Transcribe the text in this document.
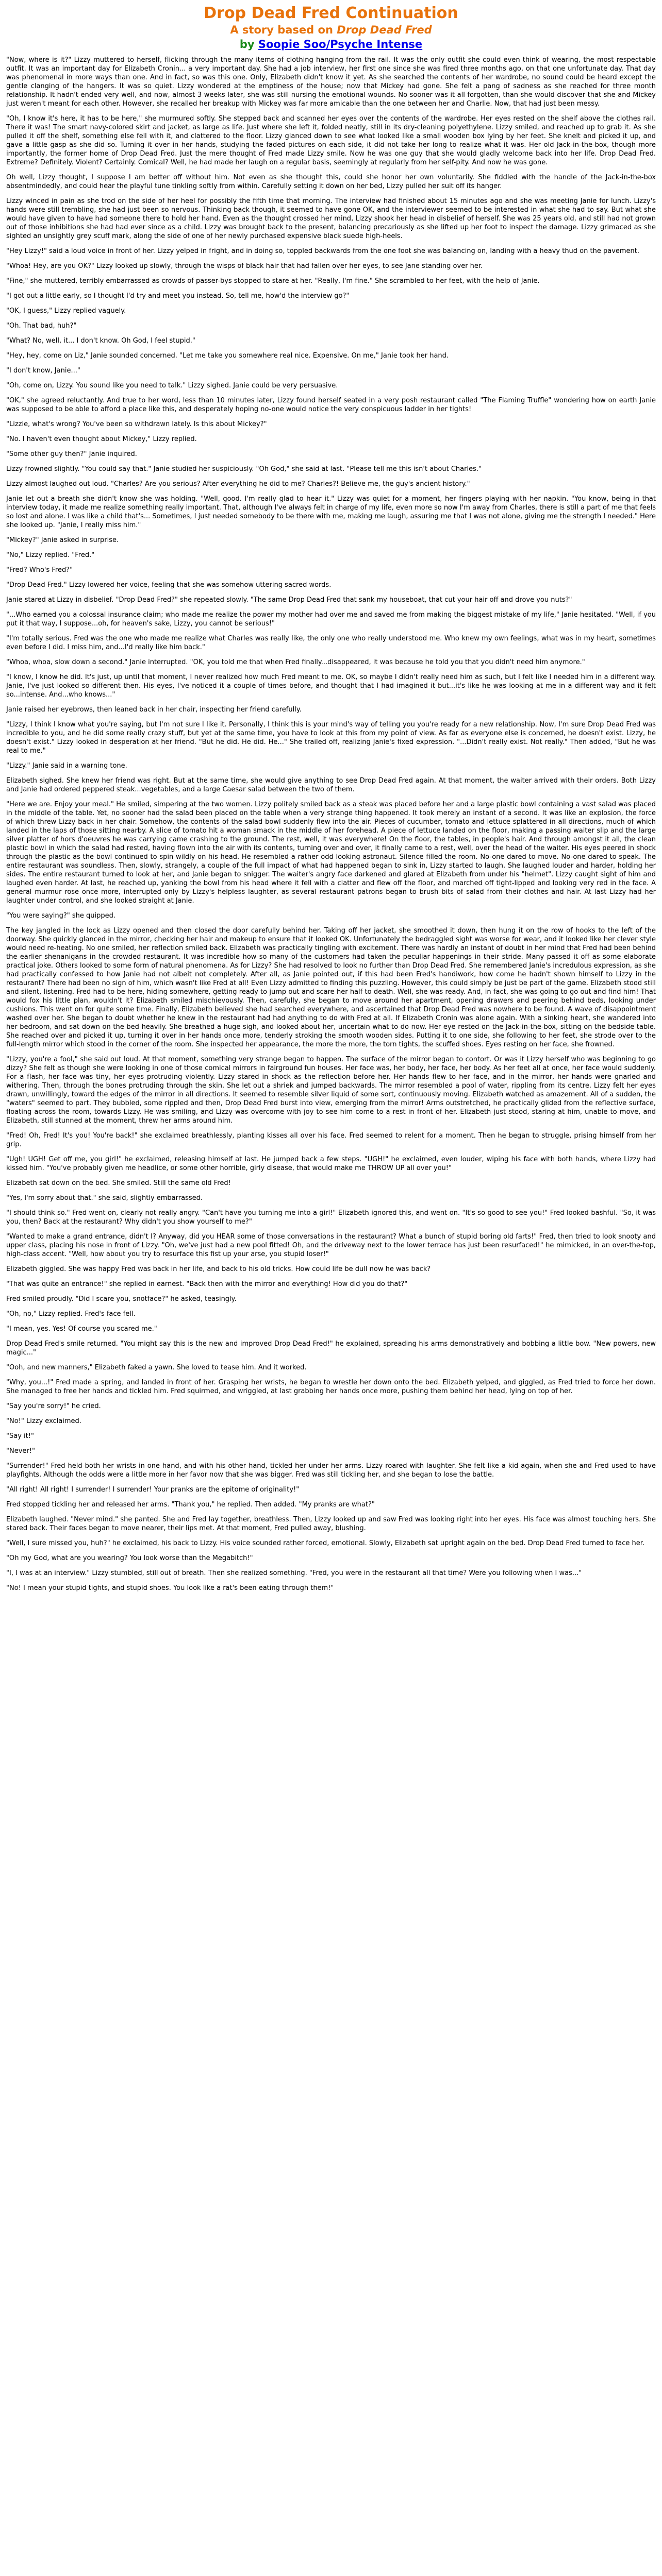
Drop Dead Fred Continuation
A story based on Drop Dead Fred
by Soopie Soo/Psyche Intense

"Now, where is it?" Lizzy muttered to herself, flicking through the many items of clothing hanging from the rail. It was the only outfit she could even think of wearing, the most respectable outfit. It was an important day for Elizabeth Cronin... a very important day. She had a job interview, her first one since she was fired three months ago, on that one unfortunate day. That day was phenomenal in more ways than one. And in fact, so was this one. Only, Elizabeth didn't know it yet. As she searched the contents of her wardrobe, no sound could be heard except the gentle clanging of the hangers. It was so quiet. Lizzy wondered at the emptiness of the house; now that Mickey had gone. She felt a pang of sadness as she reached for three month relationship. It hadn't ended very well, and now, almost 3 weeks later, she was still nursing the emotional wounds. No sooner was it all forgotten, than she would discover that she and Mickey just weren't meant for each other. However, she recalled her breakup with Mickey was far more amicable than the one between her and Charlie. Now, that had just been messy.

"Oh, I know it's here, it has to be here," she murmured softly. She stepped back and scanned her eyes over the contents of the wardrobe. Her eyes rested on the shelf above the clothes rail. There it was! The smart navy-colored skirt and jacket, as large as life. Just where she left it, folded neatly, still in its dry-cleaning polyethylene. Lizzy smiled, and reached up to grab it. As she pulled it off the shelf, something else fell with it, and clattered to the floor. Lizzy glanced down to see what looked like a small wooden box lying by her feet. She knelt and picked it up, and gave a little gasp as she did so. Turning it over in her hands, studying the faded pictures on each side, it did not take her long to realize what it was. Her old Jack-in-the-box, though more importantly, the former home of Drop Dead Fred. Just the mere thought of Fred made Lizzy smile. Now he was one guy that she would gladly welcome back into her life. Drop Dead Fred. Extreme? Definitely. Violent? Certainly. Comical? Well, he had made her laugh on a regular basis, seemingly at regularly from her self-pity. And now he was gone.

Oh well, Lizzy thought, I suppose I am better off without him. Not even as she thought this, could she honor her own voluntarily. She fiddled with the handle of the Jack-in-the-box absentmindedly, and could hear the playful tune tinkling softly from within. Carefully setting it down on her bed, Lizzy pulled her suit off its hanger.

Lizzy winced in pain as she trod on the side of her heel for possibly the fifth time that morning. The interview had finished about 15 minutes ago and she was meeting Janie for lunch. Lizzy's hands were still trembling, she had just been so nervous. Thinking back though, it seemed to have gone OK, and the interviewer seemed to be interested in what she had to say. But what she would have given to have had someone there to hold her hand. Even as the thought crossed her mind, Lizzy shook her head in disbelief of herself. She was 25 years old, and still had not grown out of those inhibitions she had had ever since as a child. Lizzy was brought back to the present, balancing precariously as she lifted up her foot to inspect the damage. Lizzy grimaced as she sighted an unsightly grey scuff mark, along the side of one of her newly purchased expensive black suede high-heels.

"Hey Lizzy!" said a loud voice in front of her. Lizzy yelped in fright, and in doing so, toppled backwards from the one foot she was balancing on, landing with a heavy thud on the pavement.

"Whoa! Hey, are you OK?" Lizzy looked up slowly, through the wisps of black hair that had fallen over her eyes, to see Jane standing over her.

"Fine," she muttered, terribly embarrassed as crowds of passer-bys stopped to stare at her. "Really, I'm fine." She scrambled to her feet, with the help of Janie.

"I got out a little early, so I thought I'd try and meet you instead. So, tell me, how'd the interview go?"

"OK, I guess," Lizzy replied vaguely.

"Oh. That bad, huh?"

"What? No, well, it... I don't know. Oh God, I feel stupid."

"Hey, hey, come on Liz," Janie sounded concerned. "Let me take you somewhere real nice. Expensive. On me," Janie took her hand.

"I don't know, Janie..."

"Oh, come on, Lizzy. You sound like you need to talk." Lizzy sighed. Janie could be very persuasive.

"OK," she agreed reluctantly. And true to her word, less than 10 minutes later, Lizzy found herself seated in a very posh restaurant called "The Flaming Truffle" wondering how on earth Janie was supposed to be able to afford a place like this, and desperately hoping no-one would notice the very conspicuous ladder in her tights!

"Lizzie, what's wrong? You've been so withdrawn lately. Is this about Mickey?"

"No. I haven't even thought about Mickey," Lizzy replied.

"Some other guy then?" Janie inquired.

Lizzy frowned slightly. "You could say that." Janie studied her suspiciously. "Oh God," she said at last. "Please tell me this isn't about Charles."

Lizzy almost laughed out loud. "Charles? Are you serious? After everything he did to me? Charles?! Believe me, the guy's ancient history."

Janie let out a breath she didn't know she was holding. "Well, good. I'm really glad to hear it." Lizzy was quiet for a moment, her fingers playing with her napkin. "You know, being in that interview today, it made me realize something really important. That, although I've always felt in charge of my life, even more so now I'm away from Charles, there is still a part of me that feels so lost and alone. I was like a child that's... Sometimes, I just needed somebody to be there with me, making me laugh, assuring me that I was not alone, giving me the strength I needed." Here she looked up. "Janie, I really miss him."

"Mickey?" Janie asked in surprise.

"No," Lizzy replied. "Fred."

"Fred? Who's Fred?"

"Drop Dead Fred." Lizzy lowered her voice, feeling that she was somehow uttering sacred words.

Janie stared at Lizzy in disbelief. "Drop Dead Fred?" she repeated slowly. "The same Drop Dead Fred that sank my houseboat, that cut your hair off and drove you nuts?"

"...Who earned you a colossal insurance claim; who made me realize the power my mother had over me and saved me from making the biggest mistake of my life," Janie hesitated. "Well, if you put it that way, I suppose...oh, for heaven's sake, Lizzy, you cannot be serious!"

"I'm totally serious. Fred was the one who made me realize what Charles was really like, the only one who really understood me. Who knew my own feelings, what was in my heart, sometimes even before I did. I miss him, and...I'd really like him back."

"Whoa, whoa, slow down a second." Janie interrupted. "OK, you told me that when Fred finally...disappeared, it was because he told you that you didn't need him anymore."

"I know, I know he did. It's just, up until that moment, I never realized how much Fred meant to me. OK, so maybe I didn't really need him as such, but I felt like I needed him in a different way. Janie, I've just looked so different then. His eyes, I've noticed it a couple of times before, and thought that I had imagined it but...it's like he was looking at me in a different way and it felt so...intense. And...who knows..."

Janie raised her eyebrows, then leaned back in her chair, inspecting her friend carefully.

"Lizzy, I think I know what you're saying, but I'm not sure I like it. Personally, I think this is your mind's way of telling you you're ready for a new relationship. Now, I'm sure Drop Dead Fred was incredible to you, and he did some really crazy stuff, but yet at the same time, you have to look at this from my point of view. As far as everyone else is concerned, he doesn't exist. Lizzy, he doesn't exist." Lizzy looked in desperation at her friend. "But he did. He did. He..." She trailed off, realizing Janie's fixed expression. "...Didn't really exist. Not really." Then added, "But he was real to me."

"Lizzy." Janie said in a warning tone.

Elizabeth sighed. She knew her friend was right. But at the same time, she would give anything to see Drop Dead Fred again. At that moment, the waiter arrived with their orders. Both Lizzy and Janie had ordered peppered steak...vegetables, and a large Caesar salad between the two of them.

"Here we are. Enjoy your meal." He smiled, simpering at the two women. Lizzy politely smiled back as a steak was placed before her and a large plastic bowl containing a vast salad was placed in the middle of the table. Yet, no sooner had the salad been placed on the table when a very strange thing happened. It took merely an instant of a second. It was like an explosion, the force of which threw Lizzy back in her chair. Somehow, the contents of the salad bowl suddenly flew into the air. Pieces of cucumber, tomato and lettuce splattered in all directions, much of which landed in the laps of those sitting nearby. A slice of tomato hit a woman smack in the middle of her forehead. A piece of lettuce landed on the floor, making a passing waiter slip and the large silver platter of hors d'oeuvres he was carrying came crashing to the ground. The rest, well, it was everywhere! On the floor, the tables, in people's hair. And through amongst it all, the clean plastic bowl in which the salad had rested, having flown into the air with its contents, turning over and over, it finally came to a rest, well, over the head of the waiter. His eyes peered in shock through the plastic as the bowl continued to spin wildly on his head. He resembled a rather odd looking astronaut. Silence filled the room. No-one dared to move. No-one dared to speak. The entire restaurant was soundless. Then, slowly, strangely, a couple of the full impact of what had happened began to sink in, Lizzy started to laugh. She laughed louder and harder, holding her sides. The entire restaurant turned to look at her, and Janie began to snigger. The waiter's angry face darkened and glared at Elizabeth from under his "helmet". Lizzy caught sight of him and laughed even harder. At last, he reached up, yanking the bowl from his head where it fell with a clatter and flew off the floor, and marched off tight-lipped and looking very red in the face. A general murmur rose once more, interrupted only by Lizzy's helpless laughter, as several restaurant patrons began to brush bits of salad from their clothes and hair. At last Lizzy had her laughter under control, and she looked straight at Janie.

"You were saying?" she quipped.

The key jangled in the lock as Lizzy opened and then closed the door carefully behind her. Taking off her jacket, she smoothed it down, then hung it on the row of hooks to the left of the doorway. She quickly glanced in the mirror, checking her hair and makeup to ensure that it looked OK. Unfortunately the bedraggled sight was worse for wear, and it looked like her clever style would need re-heating. No one smiled, her reflection smiled back. Elizabeth was practically tingling with excitement. There was hardly an instant of doubt in her mind that Fred had been behind the earlier shenanigans in the crowded restaurant. It was incredible how so many of the customers had taken the peculiar happenings in their stride. Many passed it off as some elaborate practical joke. Others looked to some form of natural phenomena. As for Lizzy? She had resolved to look no further than Drop Dead Fred. She remembered Janie's incredulous expression, as she had practically confessed to how Janie had not albeit not completely. After all, as Janie pointed out, if this had been Fred's handiwork, how come he hadn't shown himself to Lizzy in the restaurant? There had been no sign of him, which wasn't like Fred at all! Even Lizzy admitted to finding this puzzling. However, this could simply be just be part of the game. Elizabeth stood still and silent, listening. Fred had to be here, hiding somewhere, getting ready to jump out and scare her half to death. Well, she was ready. And, in fact, she was going to go out and find him! That would fox his little plan, wouldn't it? Elizabeth smiled mischievously. Then, carefully, she began to move around her apartment, opening drawers and peering behind beds, looking under cushions. This went on for quite some time. Finally, Elizabeth believed she had searched everywhere, and ascertained that Drop Dead Fred was nowhere to be found. A wave of disappointment washed over her. She began to doubt whether he knew in the restaurant had had anything to do with Fred at all. If Elizabeth Cronin was alone again. With a sinking heart, she wandered into her bedroom, and sat down on the bed heavily. She breathed a huge sigh, and looked about her, uncertain what to do now. Her eye rested on the Jack-in-the-box, sitting on the bedside table. She reached over and picked it up, turning it over in her hands once more, tenderly stroking the smooth wooden sides. Putting it to one side, she following to her feet, she strode over to the full-length mirror which stood in the corner of the room. She inspected her appearance, the more the more, the torn tights, the scuffed shoes. Eyes resting on her face, she frowned.

"Lizzy, you're a fool," she said out loud. At that moment, something very strange began to happen. The surface of the mirror began to contort. Or was it Lizzy herself who was beginning to go dizzy? She felt as though she were looking in one of those comical mirrors in fairground fun houses. Her face was, her body, her face, her body. As her feet all at once, her face would suddenly. For a flash, her face was tiny, her eyes protruding violently. Lizzy stared in shock as the reflection before her. Her hands flew to her face, and in the mirror, her hands were gnarled and withering. Then, through the bones protruding through the skin. She let out a shriek and jumped backwards. The mirror resembled a pool of water, rippling from its centre. Lizzy felt her eyes drawn, unwillingly, toward the edges of the mirror in all directions. It seemed to resemble silver liquid of some sort, continuously moving. Elizabeth watched as amazement. All of a sudden, the "waters" seemed to part. They bubbled, some rippled and then, Drop Dead Fred burst into view, emerging from the mirror! Arms outstretched, he practically glided from the reflective surface, floating across the room, towards Lizzy. He was smiling, and Lizzy was overcome with joy to see him come to a rest in front of her. Elizabeth just stood, staring at him, unable to move, and Elizabeth, still stunned at the moment, threw her arms around him.

"Fred! Oh, Fred! It's you! You're back!" she exclaimed breathlessly, planting kisses all over his face. Fred seemed to relent for a moment. Then he began to struggle, prising himself from her grip.

"Ugh! UGH! Get off me, you girl!" he exclaimed, releasing himself at last. He jumped back a few steps. "UGH!" he exclaimed, even louder, wiping his face with both hands, where Lizzy had kissed him. "You've probably given me headlice, or some other horrible, girly disease, that would make me THROW UP all over you!"

Elizabeth sat down on the bed. She smiled. Still the same old Fred!

"Yes, I'm sorry about that." she said, slightly embarrassed.

"I should think so." Fred went on, clearly not really angry. "Can't have you turning me into a girl!" Elizabeth ignored this, and went on. "It's so good to see you!" Fred looked bashful. "So, it was you, then? Back at the restaurant? Why didn't you show yourself to me?"

"Wanted to make a grand entrance, didn't I? Anyway, did you HEAR some of those conversations in the restaurant? What a bunch of stupid boring old farts!" Fred, then tried to look snooty and upper class, placing his nose in front of Lizzy. "Oh, we've just had a new pool fitted! Oh, and the driveway next to the lower terrace has just been resurfaced!" he mimicked, in an over-the-top, high-class accent. "Well, how about you try to resurface this fist up your arse, you stupid loser!"

Elizabeth giggled. She was happy Fred was back in her life, and back to his old tricks. How could life be dull now he was back?

"That was quite an entrance!" she replied in earnest. "Back then with the mirror and everything! How did you do that?"

Fred smiled proudly. "Did I scare you, snotface?" he asked, teasingly.

"Oh, no," Lizzy replied. Fred's face fell.

"I mean, yes. Yes! Of course you scared me."

Drop Dead Fred's smile returned. "You might say this is the new and improved Drop Dead Fred!" he explained, spreading his arms demonstratively and bobbing a little bow. "New powers, new magic..."

"Ooh, and new manners," Elizabeth faked a yawn. She loved to tease him. And it worked.

"Why, you...!" Fred made a spring, and landed in front of her. Grasping her wrists, he began to wrestle her down onto the bed. Elizabeth yelped, and giggled, as Fred tried to force her down. She managed to free her hands and tickled him. Fred squirmed, and wriggled, at last grabbing her hands once more, pushing them behind her head, lying on top of her.

"Say you're sorry!" he cried.

"No!" Lizzy exclaimed.

"Say it!"

"Never!"

"Surrender!" Fred held both her wrists in one hand, and with his other hand, tickled her under her arms. Lizzy roared with laughter. She felt like a kid again, when she and Fred used to have playfights. Although the odds were a little more in her favor now that she was bigger. Fred was still tickling her, and she began to lose the battle.

"All right! All right! I surrender! I surrender! Your pranks are the epitome of originality!"

Fred stopped tickling her and released her arms. "Thank you," he replied. Then added. "My pranks are what?"

Elizabeth laughed. "Never mind." she panted. She and Fred lay together, breathless. Then, Lizzy looked up and saw Fred was looking right into her eyes. His face was almost touching hers. She stared back. Their faces began to move nearer, their lips met. At that moment, Fred pulled away, blushing.

"Well, I sure missed you, huh?" he exclaimed, his back to Lizzy. His voice sounded rather forced, emotional. Slowly, Elizabeth sat upright again on the bed. Drop Dead Fred turned to face her.

"Oh my God, what are you wearing? You look worse than the Megabitch!"

"I, I was at an interview." Lizzy stumbled, still out of breath. Then she realized something. "Fred, you were in the restaurant all that time? Were you following when I was..."

"No! I mean your stupid tights, and stupid shoes. You look like a rat's been eating through them!"
